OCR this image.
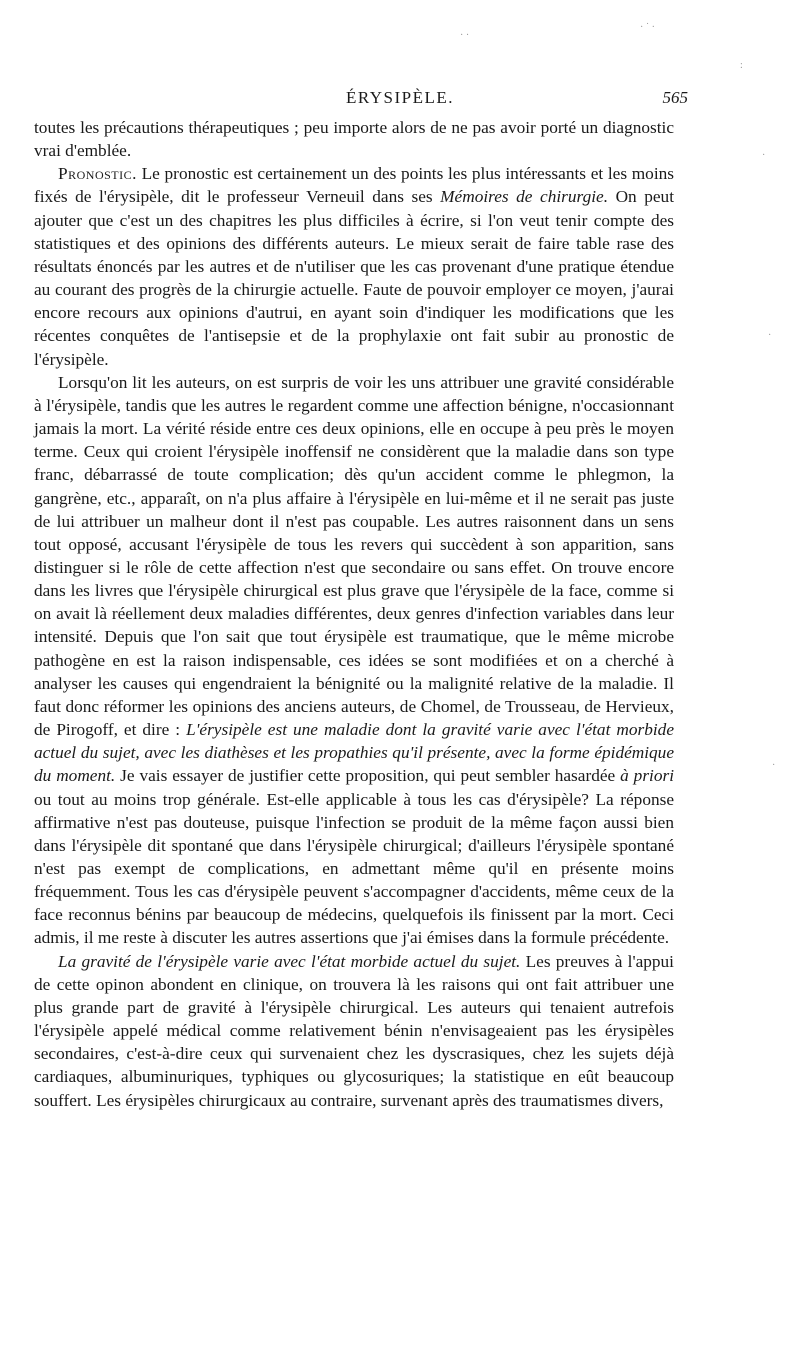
ÉRYSIPÈLE.	565

toutes les précautions thérapeutiques ; peu importe alors de ne pas avoir porté un diagnostic vrai d'emblée.

Pronostic. Le pronostic est certainement un des points les plus intéressants et les moins fixés de l'érysipèle, dit le professeur Verneuil dans ses Mémoires de chirurgie. On peut ajouter que c'est un des chapitres les plus difficiles à écrire, si l'on veut tenir compte des statistiques et des opinions des différents auteurs. Le mieux serait de faire table rase des résultats énoncés par les autres et de n'utiliser que les cas provenant d'une pratique étendue au courant des progrès de la chirurgie actuelle. Faute de pouvoir employer ce moyen, j'aurai encore recours aux opinions d'autrui, en ayant soin d'indiquer les modifications que les récentes conquêtes de l'antisepsie et de la prophylaxie ont fait subir au pronostic de l'érysipèle.

Lorsqu'on lit les auteurs, on est surpris de voir les uns attribuer une gravité considérable à l'érysipèle, tandis que les autres le regardent comme une affection bénigne, n'occasionnant jamais la mort. La vérité réside entre ces deux opinions, elle en occupe à peu près le moyen terme. Ceux qui croient l'érysipèle inoffensif ne considèrent que la maladie dans son type franc, débarrassé de toute complication; dès qu'un accident comme le phlegmon, la gangrène, etc., apparaît, on n'a plus affaire à l'érysipèle en lui-même et il ne serait pas juste de lui attribuer un malheur dont il n'est pas coupable. Les autres raisonnent dans un sens tout opposé, accusant l'érysipèle de tous les revers qui succèdent à son apparition, sans distinguer si le rôle de cette affection n'est que secondaire ou sans effet. On trouve encore dans les livres que l'érysipèle chirurgical est plus grave que l'érysipèle de la face, comme si on avait là réellement deux maladies différentes, deux genres d'infection variables dans leur intensité. Depuis que l'on sait que tout érysipèle est traumatique, que le même microbe pathogène en est la raison indispensable, ces idées se sont modifiées et on a cherché à analyser les causes qui engendraient la bénignité ou la malignité relative de la maladie. Il faut donc réformer les opinions des anciens auteurs, de Chomel, de Trousseau, de Hervieux, de Pirogoff, et dire : L'érysipèle est une maladie dont la gravité varie avec l'état morbide actuel du sujet, avec les diathèses et les propathies qu'il présente, avec la forme épidémique du moment. Je vais essayer de justifier cette proposition, qui peut sembler hasardée à priori ou tout au moins trop générale. Est-elle applicable à tous les cas d'érysipèle? La réponse affirmative n'est pas douteuse, puisque l'infection se produit de la même façon aussi bien dans l'érysipèle dit spontané que dans l'érysipèle chirurgical; d'ailleurs l'érysipèle spontané n'est pas exempt de complications, en admettant même qu'il en présente moins fréquemment. Tous les cas d'érysipèle peuvent s'accompagner d'accidents, même ceux de la face reconnus bénins par beaucoup de médecins, quelquefois ils finissent par la mort. Ceci admis, il me reste à discuter les autres assertions que j'ai émises dans la formule précédente.

La gravité de l'érysipèle varie avec l'état morbide actuel du sujet. Les preuves à l'appui de cette opinon abondent en clinique, on trouvera là les raisons qui ont fait attribuer une plus grande part de gravité à l'érysipèle chirurgical. Les auteurs qui tenaient autrefois l'érysipèle appelé médical comme relativement bénin n'envisageaient pas les érysipèles secondaires, c'est-à-dire ceux qui survenaient chez les dyscrasiques, chez les sujets déjà cardiaques, albuminuriques, typhiques ou glycosuriques; la statistique en eût beaucoup souffert. Les érysipèles chirurgicaux au contraire, survenant après des traumatismes divers,

· ·
· ˙ ·
:
·
·
·
